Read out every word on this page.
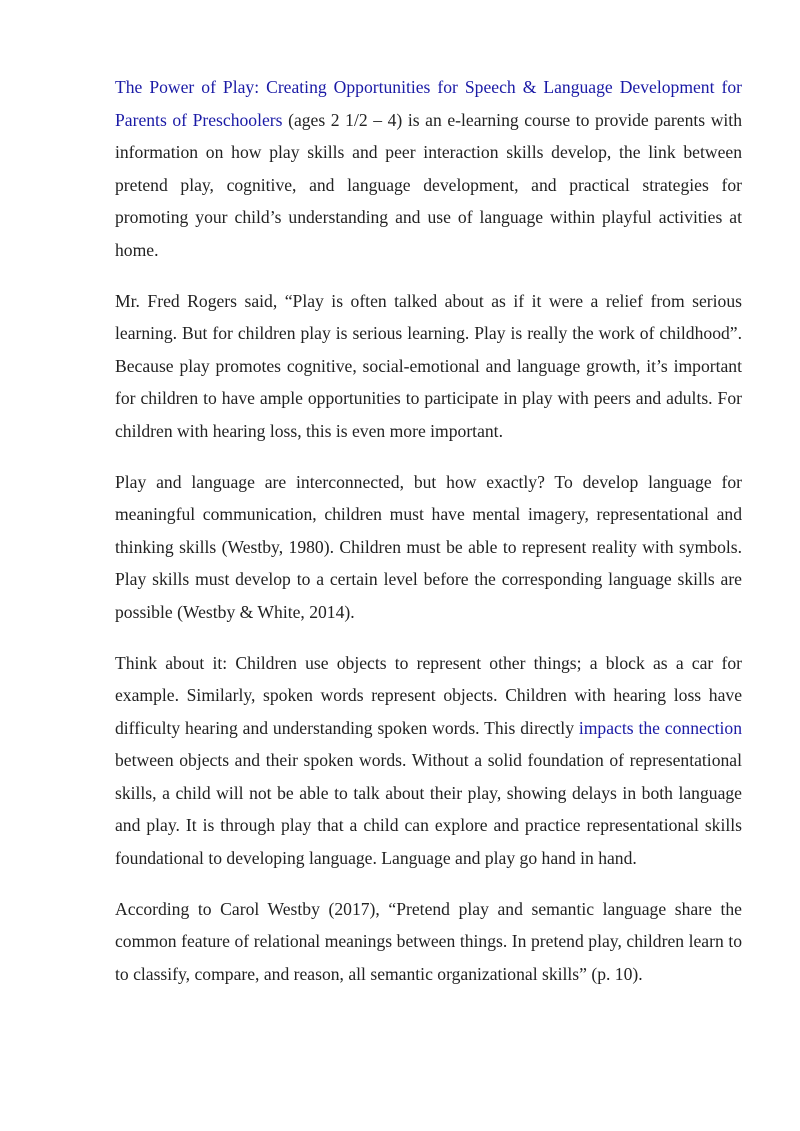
The Power of Play: Creating Opportunities for Speech & Language Development for Parents of Preschoolers (ages 2 1/2 – 4) is an e-learning course to provide parents with information on how play skills and peer interaction skills develop, the link between pretend play, cognitive, and language development, and practical strategies for promoting your child’s understanding and use of language within playful activities at home.

Mr. Fred Rogers said, “Play is often talked about as if it were a relief from serious learning. But for children play is serious learning. Play is really the work of childhood”. Because play promotes cognitive, social-emotional and language growth, it’s important for children to have ample opportunities to participate in play with peers and adults. For children with hearing loss, this is even more important.

Play and language are interconnected, but how exactly? To develop language for meaningful communication, children must have mental imagery, representational and thinking skills (Westby, 1980). Children must be able to represent reality with symbols. Play skills must develop to a certain level before the corresponding language skills are possible (Westby & White, 2014).

Think about it: Children use objects to represent other things; a block as a car for example. Similarly, spoken words represent objects. Children with hearing loss have difficulty hearing and understanding spoken words. This directly impacts the connection between objects and their spoken words. Without a solid foundation of representational skills, a child will not be able to talk about their play, showing delays in both language and play. It is through play that a child can explore and practice representational skills foundational to developing language. Language and play go hand in hand.

According to Carol Westby (2017), “Pretend play and semantic language share the common feature of relational meanings between things. In pretend play, children learn to to classify, compare, and reason, all semantic organizational skills” (p. 10).
